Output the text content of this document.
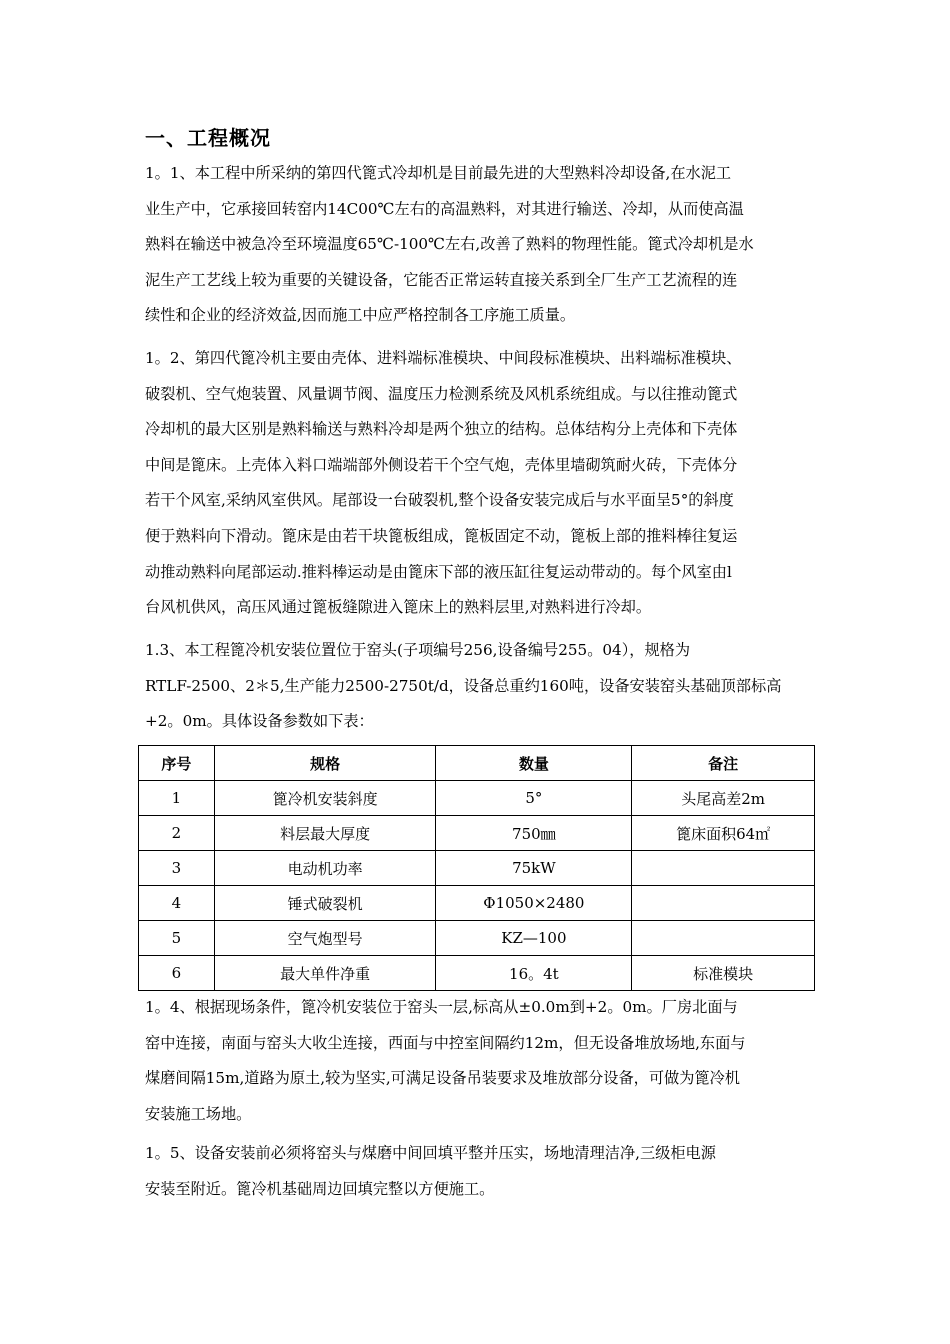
一、工程概况
1。1、本工程中所采纳的第四代篦式冷却机是目前最先进的大型熟料冷却设备,在水泥工
业生产中，它承接回转窑内14C00℃左右的高温熟料，对其进行输送、冷却，从而使高温
熟料在输送中被急冷至环境温度65℃-100℃左右,改善了熟料的物理性能。篦式冷却机是水
泥生产工艺线上较为重要的关键设备，它能否正常运转直接关系到全厂生产工艺流程的连
续性和企业的经济效益,因而施工中应严格控制各工序施工质量。
1。2、第四代篦冷机主要由壳体、进料端标准模块、中间段标准模块、出料端标准模块、
破裂机、空气炮装置、风量调节阀、温度压力检测系统及风机系统组成。与以往推动篦式
冷却机的最大区别是熟料输送与熟料冷却是两个独立的结构。总体结构分上壳体和下壳体
中间是篦床。上壳体入料口端端部外侧设若干个空气炮，壳体里墙砌筑耐火砖，下壳体分
若干个风室,采纳风室供风。尾部设一台破裂机,整个设备安装完成后与水平面呈5°的斜度
便于熟料向下滑动。篦床是由若干块篦板组成，篦板固定不动，篦板上部的推料棒往复运
动推动熟料向尾部运动.推料棒运动是由篦床下部的液压缸往复运动带动的。每个风室由l
台风机供风，高压风通过篦板缝隙进入篦床上的熟料层里,对熟料进行冷却。
1.3、本工程篦冷机安装位置位于窑头(子项编号256,设备编号255。04），规格为
RTLF-2500、2＊5,生产能力2500-2750t/d，设备总重约160吨，设备安装窑头基础顶部标高
+2。0m。具体设备参数如下表：
序号	规格	数量	备注
1	篦冷机安装斜度	5°	头尾高差2m
2	料层最大厚度	750㎜	篦床面积64㎡
3	电动机功率	75kW	
4	锤式破裂机	Φ1050×2480	
5	空气炮型号	KZ—100	
6	最大单件净重	16。4t	标准模块
1。4、根据现场条件，篦冷机安装位于窑头一层,标高从±0.0m到+2。0m。厂房北面与
窑中连接，南面与窑头大收尘连接，西面与中控室间隔约12m，但无设备堆放场地,东面与
煤磨间隔15m,道路为原土,较为坚实,可满足设备吊装要求及堆放部分设备，可做为篦冷机
安装施工场地。
1。5、设备安装前必须将窑头与煤磨中间回填平整并压实，场地清理洁净,三级柜电源
安装至附近。篦冷机基础周边回填完整以方便施工。
